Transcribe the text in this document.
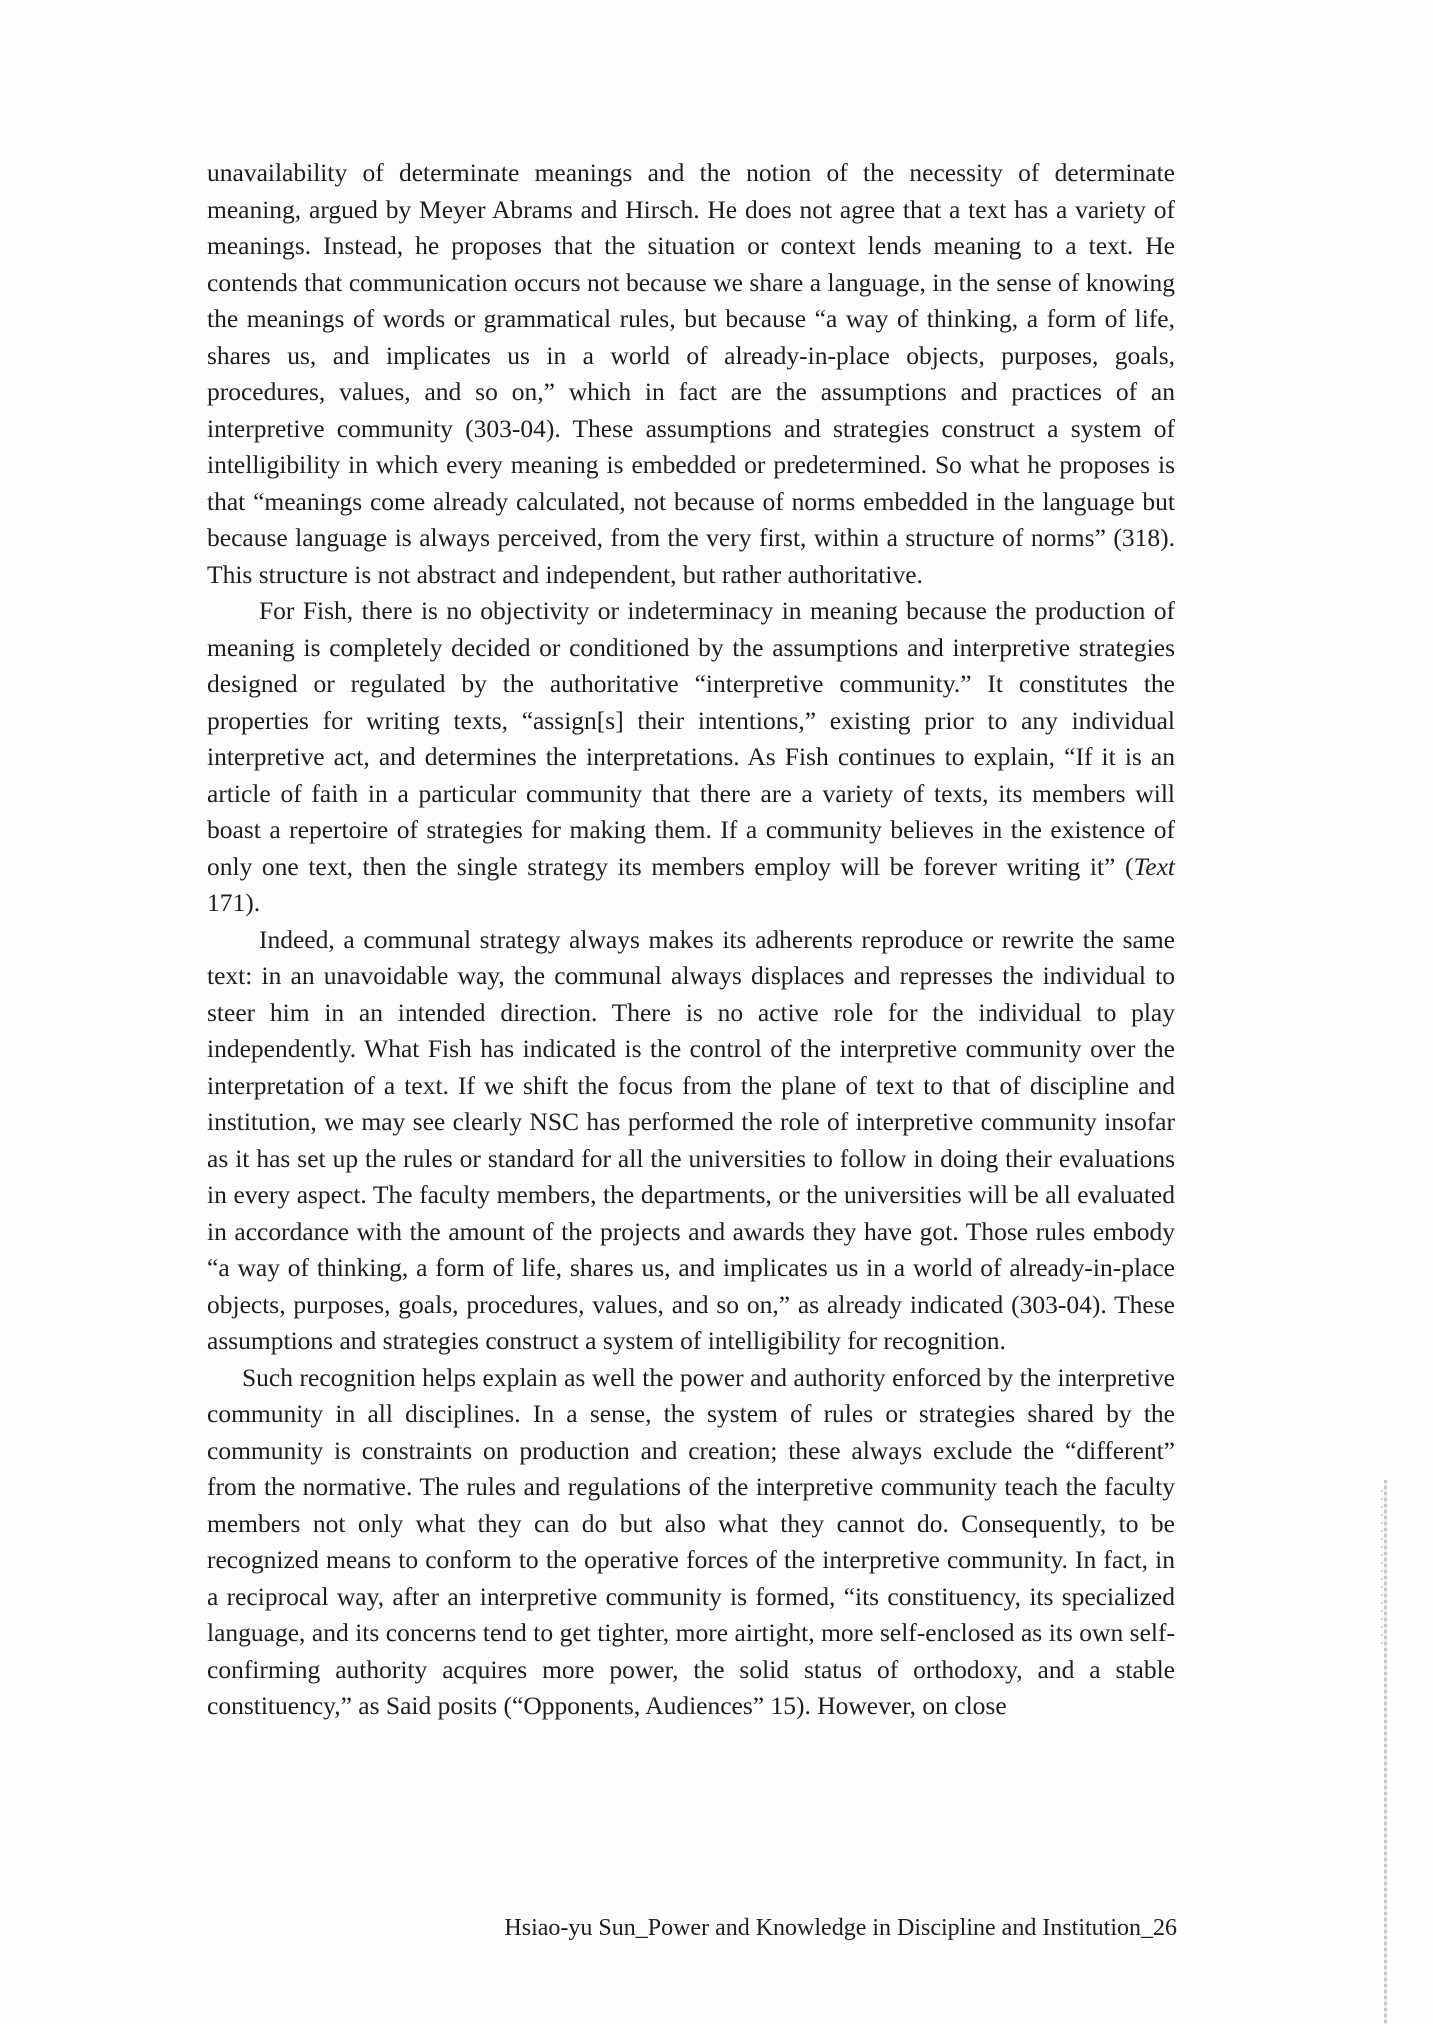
unavailability of determinate meanings and the notion of the necessity of determinate meaning, argued by Meyer Abrams and Hirsch. He does not agree that a text has a variety of meanings. Instead, he proposes that the situation or context lends meaning to a text. He contends that communication occurs not because we share a language, in the sense of knowing the meanings of words or grammatical rules, but because “a way of thinking, a form of life, shares us, and implicates us in a world of already-in-place objects, purposes, goals, procedures, values, and so on,” which in fact are the assumptions and practices of an interpretive community (303-04). These assumptions and strategies construct a system of intelligibility in which every meaning is embedded or predetermined. So what he proposes is that “meanings come already calculated, not because of norms embedded in the language but because language is always perceived, from the very first, within a structure of norms” (318). This structure is not abstract and independent, but rather authoritative.

For Fish, there is no objectivity or indeterminacy in meaning because the production of meaning is completely decided or conditioned by the assumptions and interpretive strategies designed or regulated by the authoritative “interpretive community.” It constitutes the properties for writing texts, “assign[s] their intentions,” existing prior to any individual interpretive act, and determines the interpretations. As Fish continues to explain, “If it is an article of faith in a particular community that there are a variety of texts, its members will boast a repertoire of strategies for making them. If a community believes in the existence of only one text, then the single strategy its members employ will be forever writing it” (Text 171).

Indeed, a communal strategy always makes its adherents reproduce or rewrite the same text: in an unavoidable way, the communal always displaces and represses the individual to steer him in an intended direction. There is no active role for the individual to play independently. What Fish has indicated is the control of the interpretive community over the interpretation of a text. If we shift the focus from the plane of text to that of discipline and institution, we may see clearly NSC has performed the role of interpretive community insofar as it has set up the rules or standard for all the universities to follow in doing their evaluations in every aspect. The faculty members, the departments, or the universities will be all evaluated in accordance with the amount of the projects and awards they have got. Those rules embody “a way of thinking, a form of life, shares us, and implicates us in a world of already-in-place objects, purposes, goals, procedures, values, and so on,” as already indicated (303-04). These assumptions and strategies construct a system of intelligibility for recognition.

Such recognition helps explain as well the power and authority enforced by the interpretive community in all disciplines. In a sense, the system of rules or strategies shared by the community is constraints on production and creation; these always exclude the “different” from the normative. The rules and regulations of the interpretive community teach the faculty members not only what they can do but also what they cannot do. Consequently, to be recognized means to conform to the operative forces of the interpretive community. In fact, in a reciprocal way, after an interpretive community is formed, “its constituency, its specialized language, and its concerns tend to get tighter, more airtight, more self-enclosed as its own self-confirming authority acquires more power, the solid status of orthodoxy, and a stable constituency,” as Said posits (“Opponents, Audiences” 15). However, on close

Hsiao-yu Sun_Power and Knowledge in Discipline and Institution_26
